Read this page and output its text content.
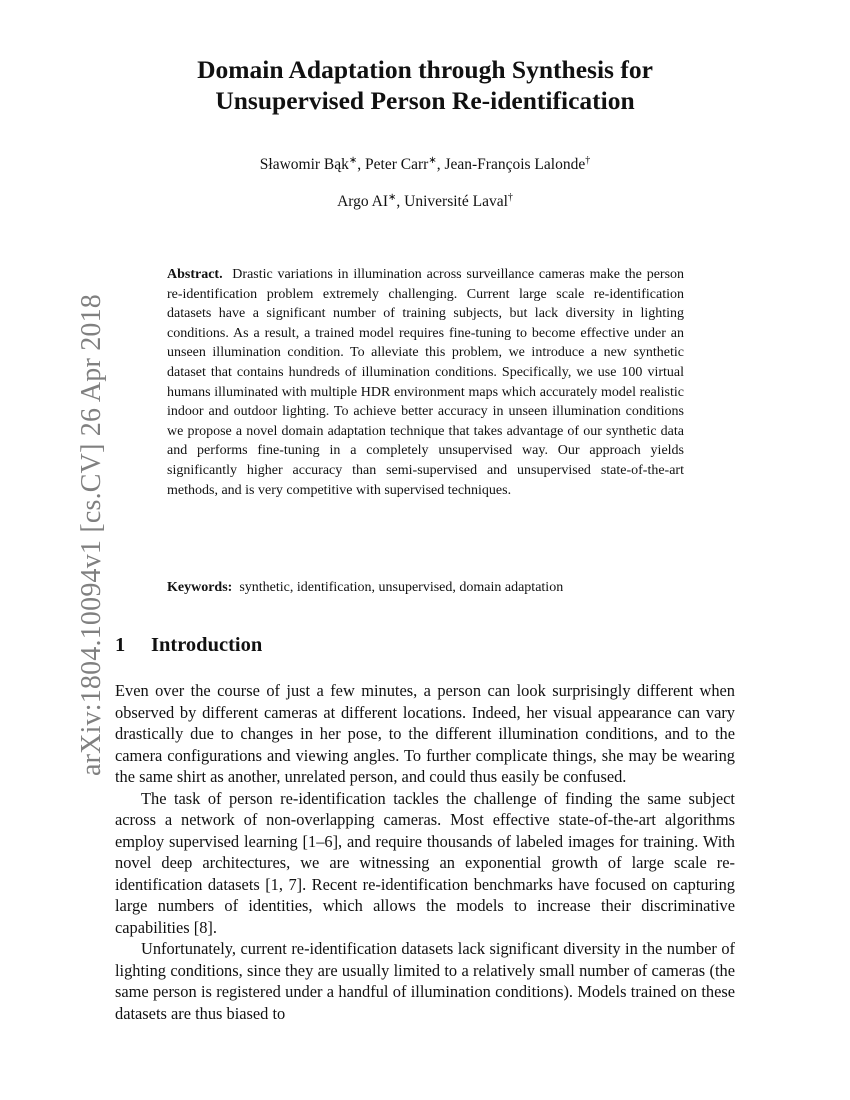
arXiv:1804.10094v1 [cs.CV] 26 Apr 2018
Domain Adaptation through Synthesis for
Unsupervised Person Re-identification
Sławomir Bąk∗, Peter Carr∗, Jean-François Lalonde†
Argo AI∗, Université Laval†
Abstract. Drastic variations in illumination across surveillance cameras make the person re-identification problem extremely challenging. Current large scale re-identification datasets have a significant number of training subjects, but lack diversity in lighting conditions. As a result, a trained model requires fine-tuning to become effective under an unseen illumination condition. To alleviate this problem, we introduce a new synthetic dataset that contains hundreds of illumination conditions. Specifically, we use 100 virtual humans illuminated with multiple HDR environment maps which accurately model realistic indoor and outdoor lighting. To achieve better accuracy in unseen illumination conditions we propose a novel domain adaptation technique that takes advantage of our synthetic data and performs fine-tuning in a completely unsupervised way. Our approach yields significantly higher accuracy than semi-supervised and unsupervised state-of-the-art methods, and is very competitive with supervised techniques.
Keywords: synthetic, identification, unsupervised, domain adaptation
1 Introduction

Even over the course of just a few minutes, a person can look surprisingly different when observed by different cameras at different locations. Indeed, her visual appearance can vary drastically due to changes in her pose, to the different illumination conditions, and to the camera configurations and viewing angles. To further complicate things, she may be wearing the same shirt as another, unrelated person, and could thus easily be confused.

The task of person re-identification tackles the challenge of finding the same subject across a network of non-overlapping cameras. Most effective state-of-the-art algorithms employ supervised learning [1–6], and require thousands of labeled images for training. With novel deep architectures, we are witnessing an exponential growth of large scale re-identification datasets [1, 7]. Recent re-identification benchmarks have focused on capturing large numbers of identities, which allows the models to increase their discriminative capabilities [8].

Unfortunately, current re-identification datasets lack significant diversity in the number of lighting conditions, since they are usually limited to a relatively small number of cameras (the same person is registered under a handful of illumination conditions). Models trained on these datasets are thus biased to
